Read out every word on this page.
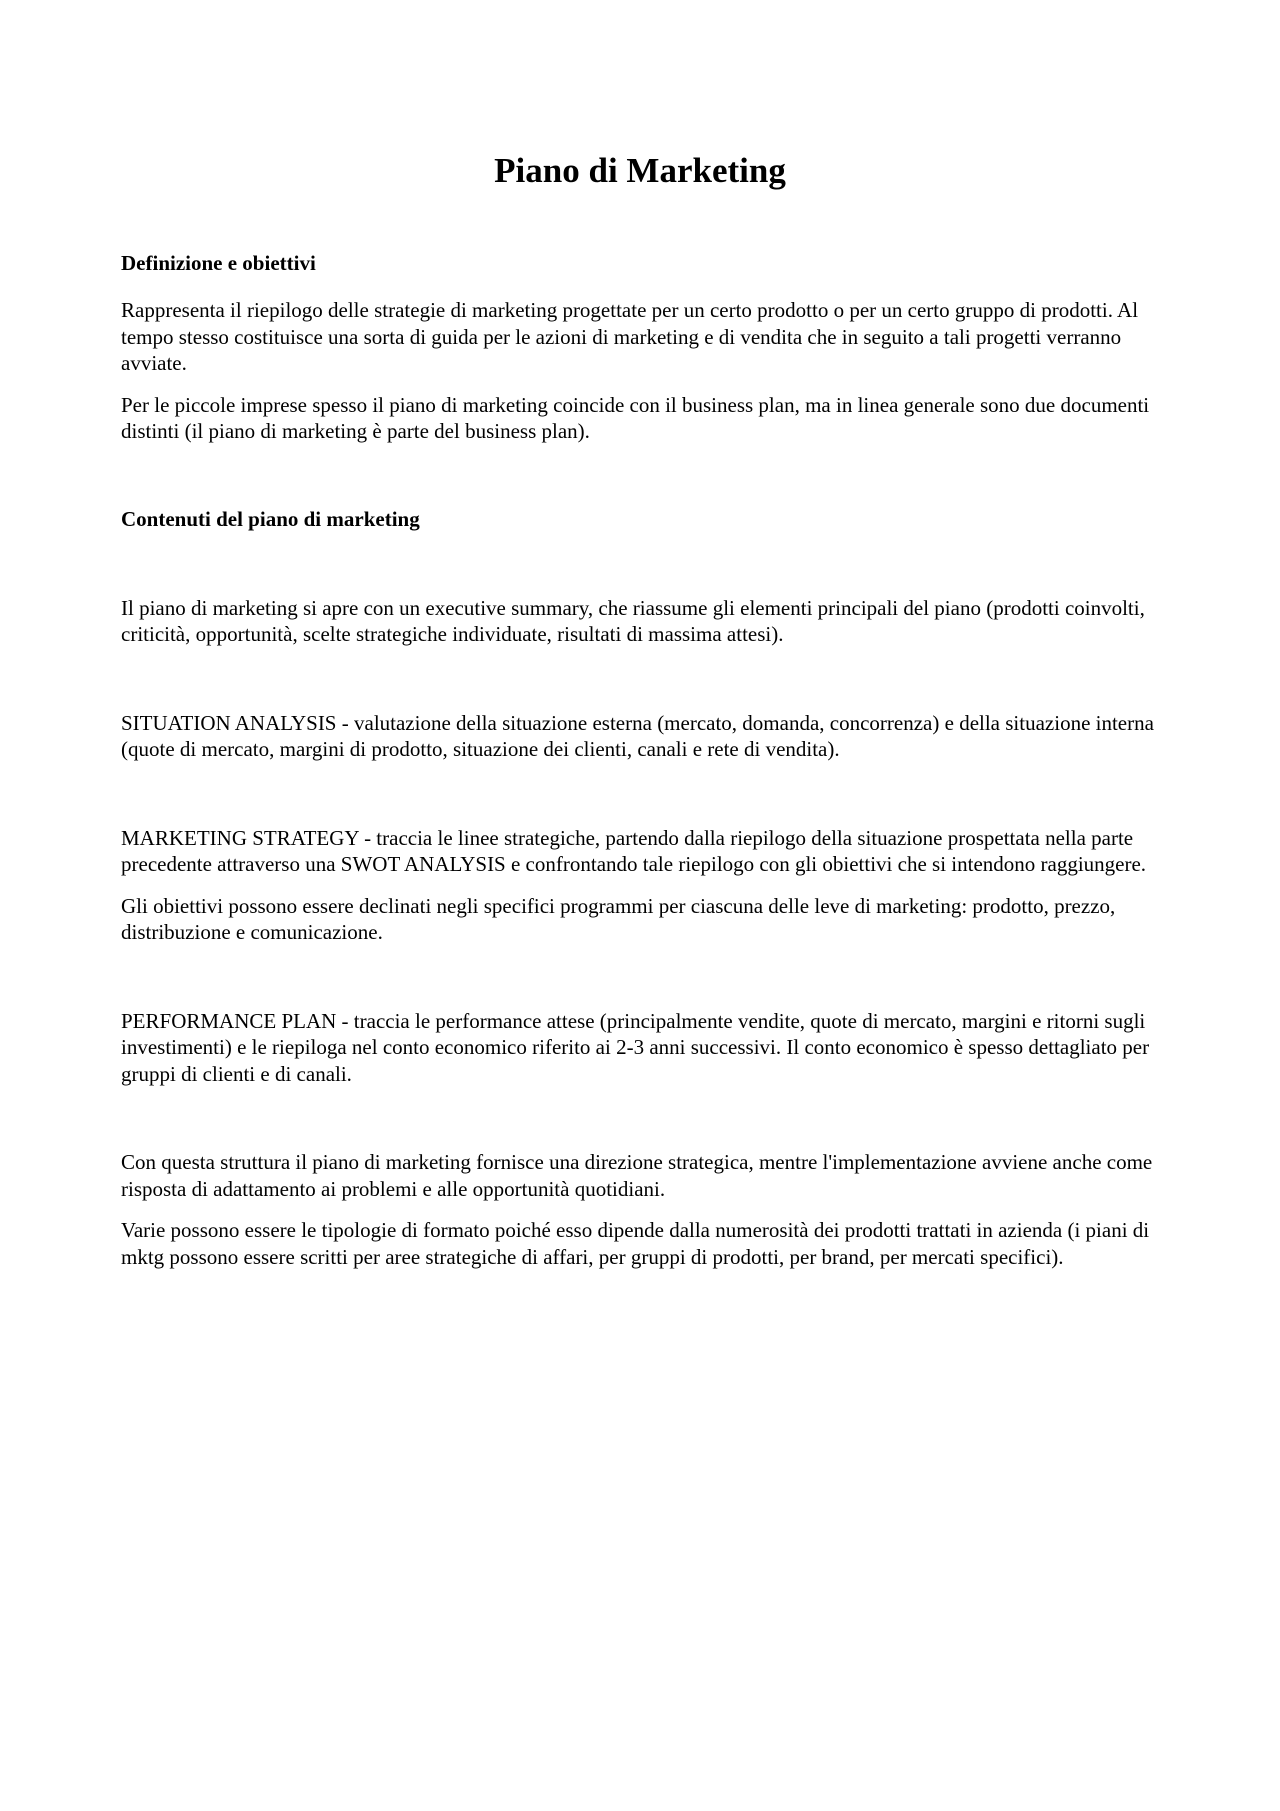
Piano di Marketing
Definizione e obiettivi

Rappresenta il riepilogo delle strategie di marketing progettate per un certo prodotto o per un certo gruppo di prodotti. Al tempo stesso costituisce una sorta di guida per le azioni di marketing e di vendita che in seguito a tali progetti verranno avviate.

Per le piccole imprese spesso il piano di marketing coincide con il business plan, ma in linea generale sono due documenti distinti (il piano di marketing è parte del business plan).

Contenuti del piano di marketing

Il piano di marketing si apre con un executive summary, che riassume gli elementi principali del piano (prodotti coinvolti, criticità, opportunità, scelte strategiche individuate, risultati di massima attesi).

SITUATION ANALYSIS - valutazione della situazione esterna (mercato, domanda, concorrenza) e della situazione interna (quote di mercato, margini di prodotto, situazione dei clienti, canali e rete di vendita).

MARKETING STRATEGY - traccia le linee strategiche, partendo dalla riepilogo della situazione prospettata nella parte precedente attraverso una SWOT ANALYSIS e confrontando tale riepilogo con gli obiettivi che si intendono raggiungere.

Gli obiettivi possono essere declinati negli specifici programmi per ciascuna delle leve di marketing: prodotto, prezzo, distribuzione e comunicazione.

PERFORMANCE PLAN - traccia le performance attese (principalmente vendite, quote di mercato, margini e ritorni sugli investimenti) e le riepiloga nel conto economico riferito ai 2-3 anni successivi. Il conto economico è spesso dettagliato per gruppi di clienti e di canali.

Con questa struttura il piano di marketing fornisce una direzione strategica, mentre l'implementazione avviene anche come risposta di adattamento ai problemi e alle opportunità quotidiani.

Varie possono essere le tipologie di formato poiché esso dipende dalla numerosità dei prodotti trattati in azienda (i piani di mktg possono essere scritti per aree strategiche di affari, per gruppi di prodotti, per brand, per mercati specifici).
